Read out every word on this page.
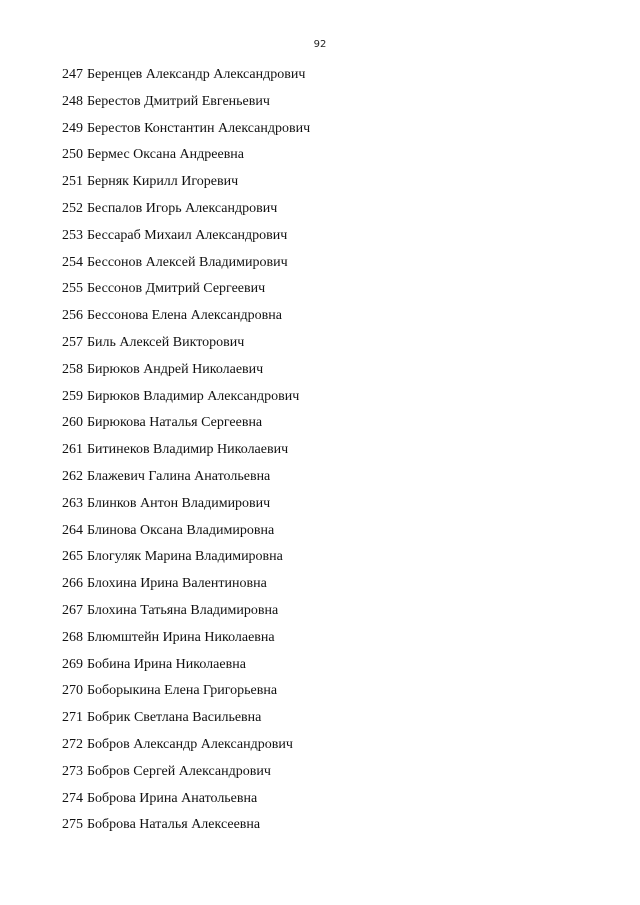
92
247 Беренцев Александр Александрович
248 Берестов Дмитрий Евгеньевич
249 Берестов Константин Александрович
250 Бермес Оксана Андреевна
251 Берняк Кирилл Игоревич
252 Беспалов Игорь Александрович
253 Бессараб Михаил Александрович
254 Бессонов Алексей Владимирович
255 Бессонов Дмитрий Сергеевич
256 Бессонова Елена Александровна
257 Биль Алексей Викторович
258 Бирюков Андрей Николаевич
259 Бирюков Владимир Александрович
260 Бирюкова Наталья Сергеевна
261 Битинеков Владимир Николаевич
262 Блажевич Галина Анатольевна
263 Блинков Антон Владимирович
264 Блинова Оксана Владимировна
265 Блогуляк Марина Владимировна
266 Блохина Ирина Валентиновна
267 Блохина Татьяна Владимировна
268 Блюмштейн Ирина Николаевна
269 Бобина Ирина Николаевна
270 Боборыкина Елена Григорьевна
271 Бобрик Светлана Васильевна
272 Бобров Александр Александрович
273 Бобров Сергей Александрович
274 Боброва Ирина Анатольевна
275 Боброва Наталья Алексеевна
